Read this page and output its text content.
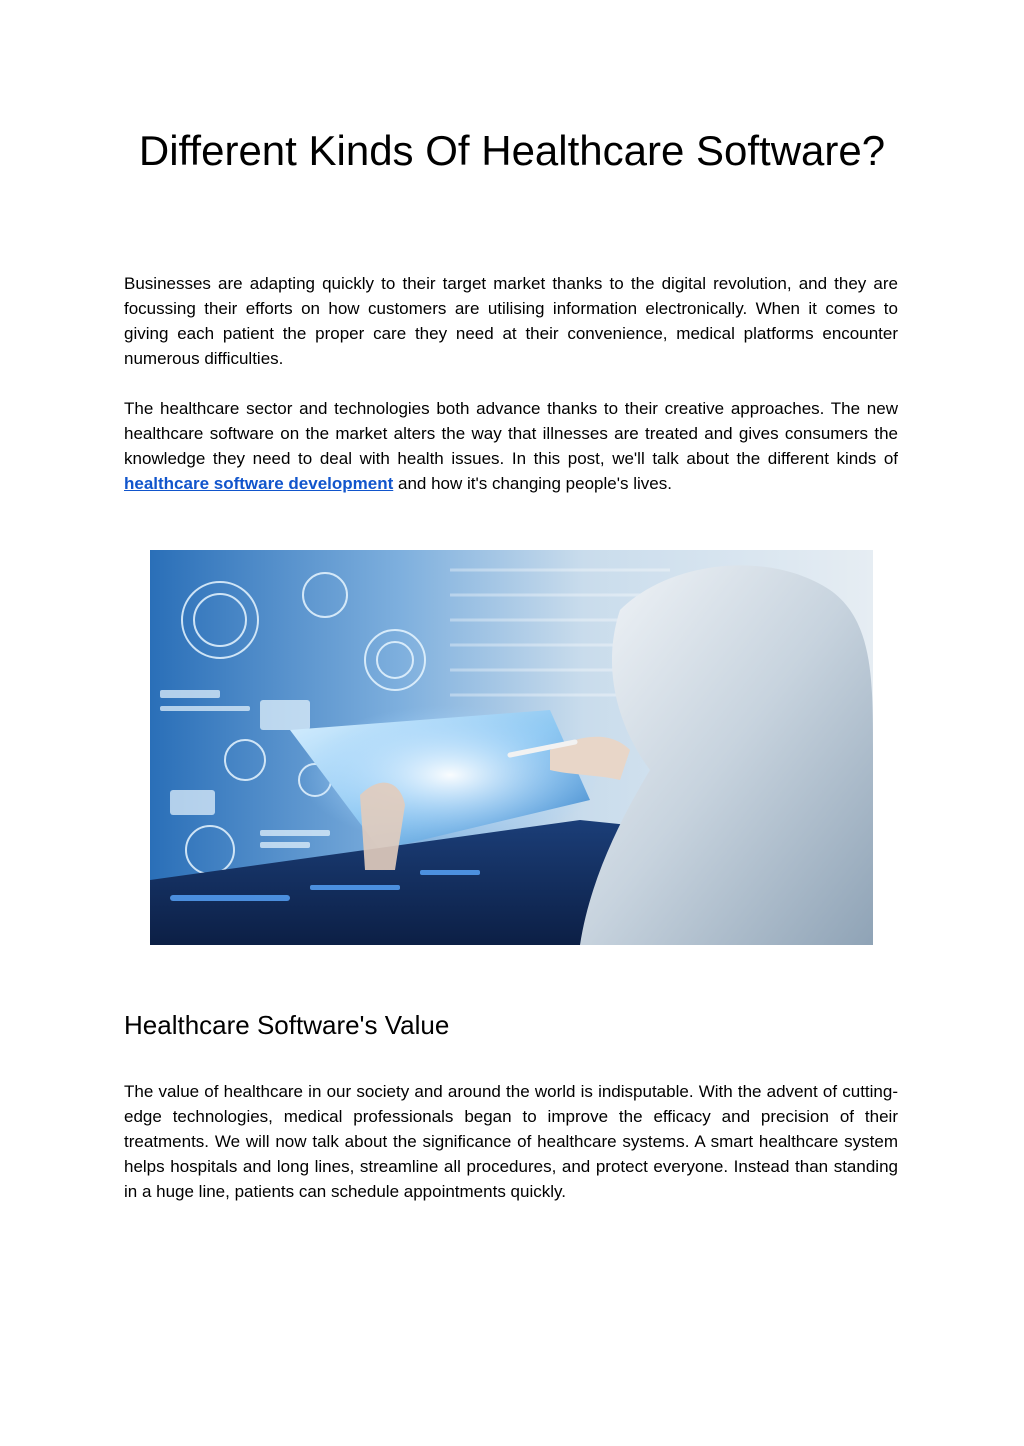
Different Kinds Of Healthcare Software?

Businesses are adapting quickly to their target market thanks to the digital revolution, and they are focussing their efforts on how customers are utilising information electronically. When it comes to giving each patient the proper care they need at their convenience, medical platforms encounter numerous difficulties.

The healthcare sector and technologies both advance thanks to their creative approaches. The new healthcare software on the market alters the way that illnesses are treated and gives consumers the knowledge they need to deal with health issues. In this post, we'll talk about the different kinds of healthcare software development and how it's changing people's lives.

Healthcare Software's Value

The value of healthcare in our society and around the world is indisputable. With the advent of cutting-edge technologies, medical professionals began to improve the efficacy and precision of their treatments. We will now talk about the significance of healthcare systems. A smart healthcare system helps hospitals and long lines, streamline all procedures, and protect everyone. Instead than standing in a huge line, patients can schedule appointments quickly.
